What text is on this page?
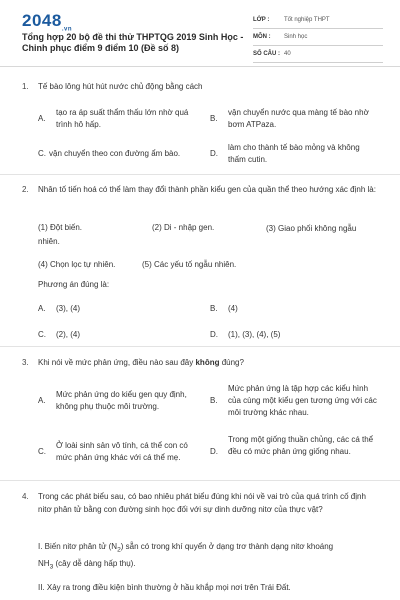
$2048_{.vn}$
Tổng hợp 20 bộ đề thi thử THPTQG 2019 Sinh Học - Chinh phục điểm 9 điểm 10 (Đề số 8)
LỚP :	Tốt nghiệp THPT
MÔN :	Sinh học
SỐ CÂU : 40
1.	Tế bào lông hút hút nước chủ động bằng cách
A.
tạo ra áp suất thẩm thấu lớn nhờ quá trình hô hấp.
B.
vận chuyển nước qua màng tế bào nhờ bơm ATPaza.
C. vận chuyển theo con đường ẩm bào.	D.
làm cho thành tế bào mỏng và không thấm cutin.
2.	Nhân tố tiến hoá có thể làm thay đổi thành phần kiểu gen của quần thể theo hướng xác định là:
(1) Đột biến.	(2) Di - nhập gen.	(3) Giao phối không ngẫu nhiên.
(4) Chọn lọc tự nhiên.	(5) Các yếu tố ngẫu nhiên.
Phương án đúng là:
A. (3), (4)	B. (4)
C. (2), (4)	D. (1), (3), (4), (5)
3.	Khi nói về mức phản ứng, điều nào sau đây không đúng?
A.
Mức phản ứng do kiểu gen quy định, không phụ thuộc môi trường.
B.
Mức phản ứng là tập hợp các kiểu hình của cùng một kiểu gen tương ứng với các môi trường khác nhau.
C.
Ở loài sinh sản vô tính, cá thể con có mức phản ứng khác với cá thể mẹ.
D.
Trong một giống thuần chủng, các cá thể đều có mức phản ứng giống nhau.
4.	Trong các phát biểu sau, có bao nhiêu phát biểu đúng khi nói về vai trò của quá trình cố định nitơ phân tử bằng con đường sinh học đối với sự dinh dưỡng nitơ của thực vật?
I. Biến nitơ phân tử $(N_2)$ sẵn có trong khí quyển ở dạng trơ thành dạng nitơ khoáng
$NH_3$ (cây dễ dàng hấp thụ).
II. Xảy ra trong điều kiện bình thường ở hầu khắp mọi nơi trên Trái Đất.
